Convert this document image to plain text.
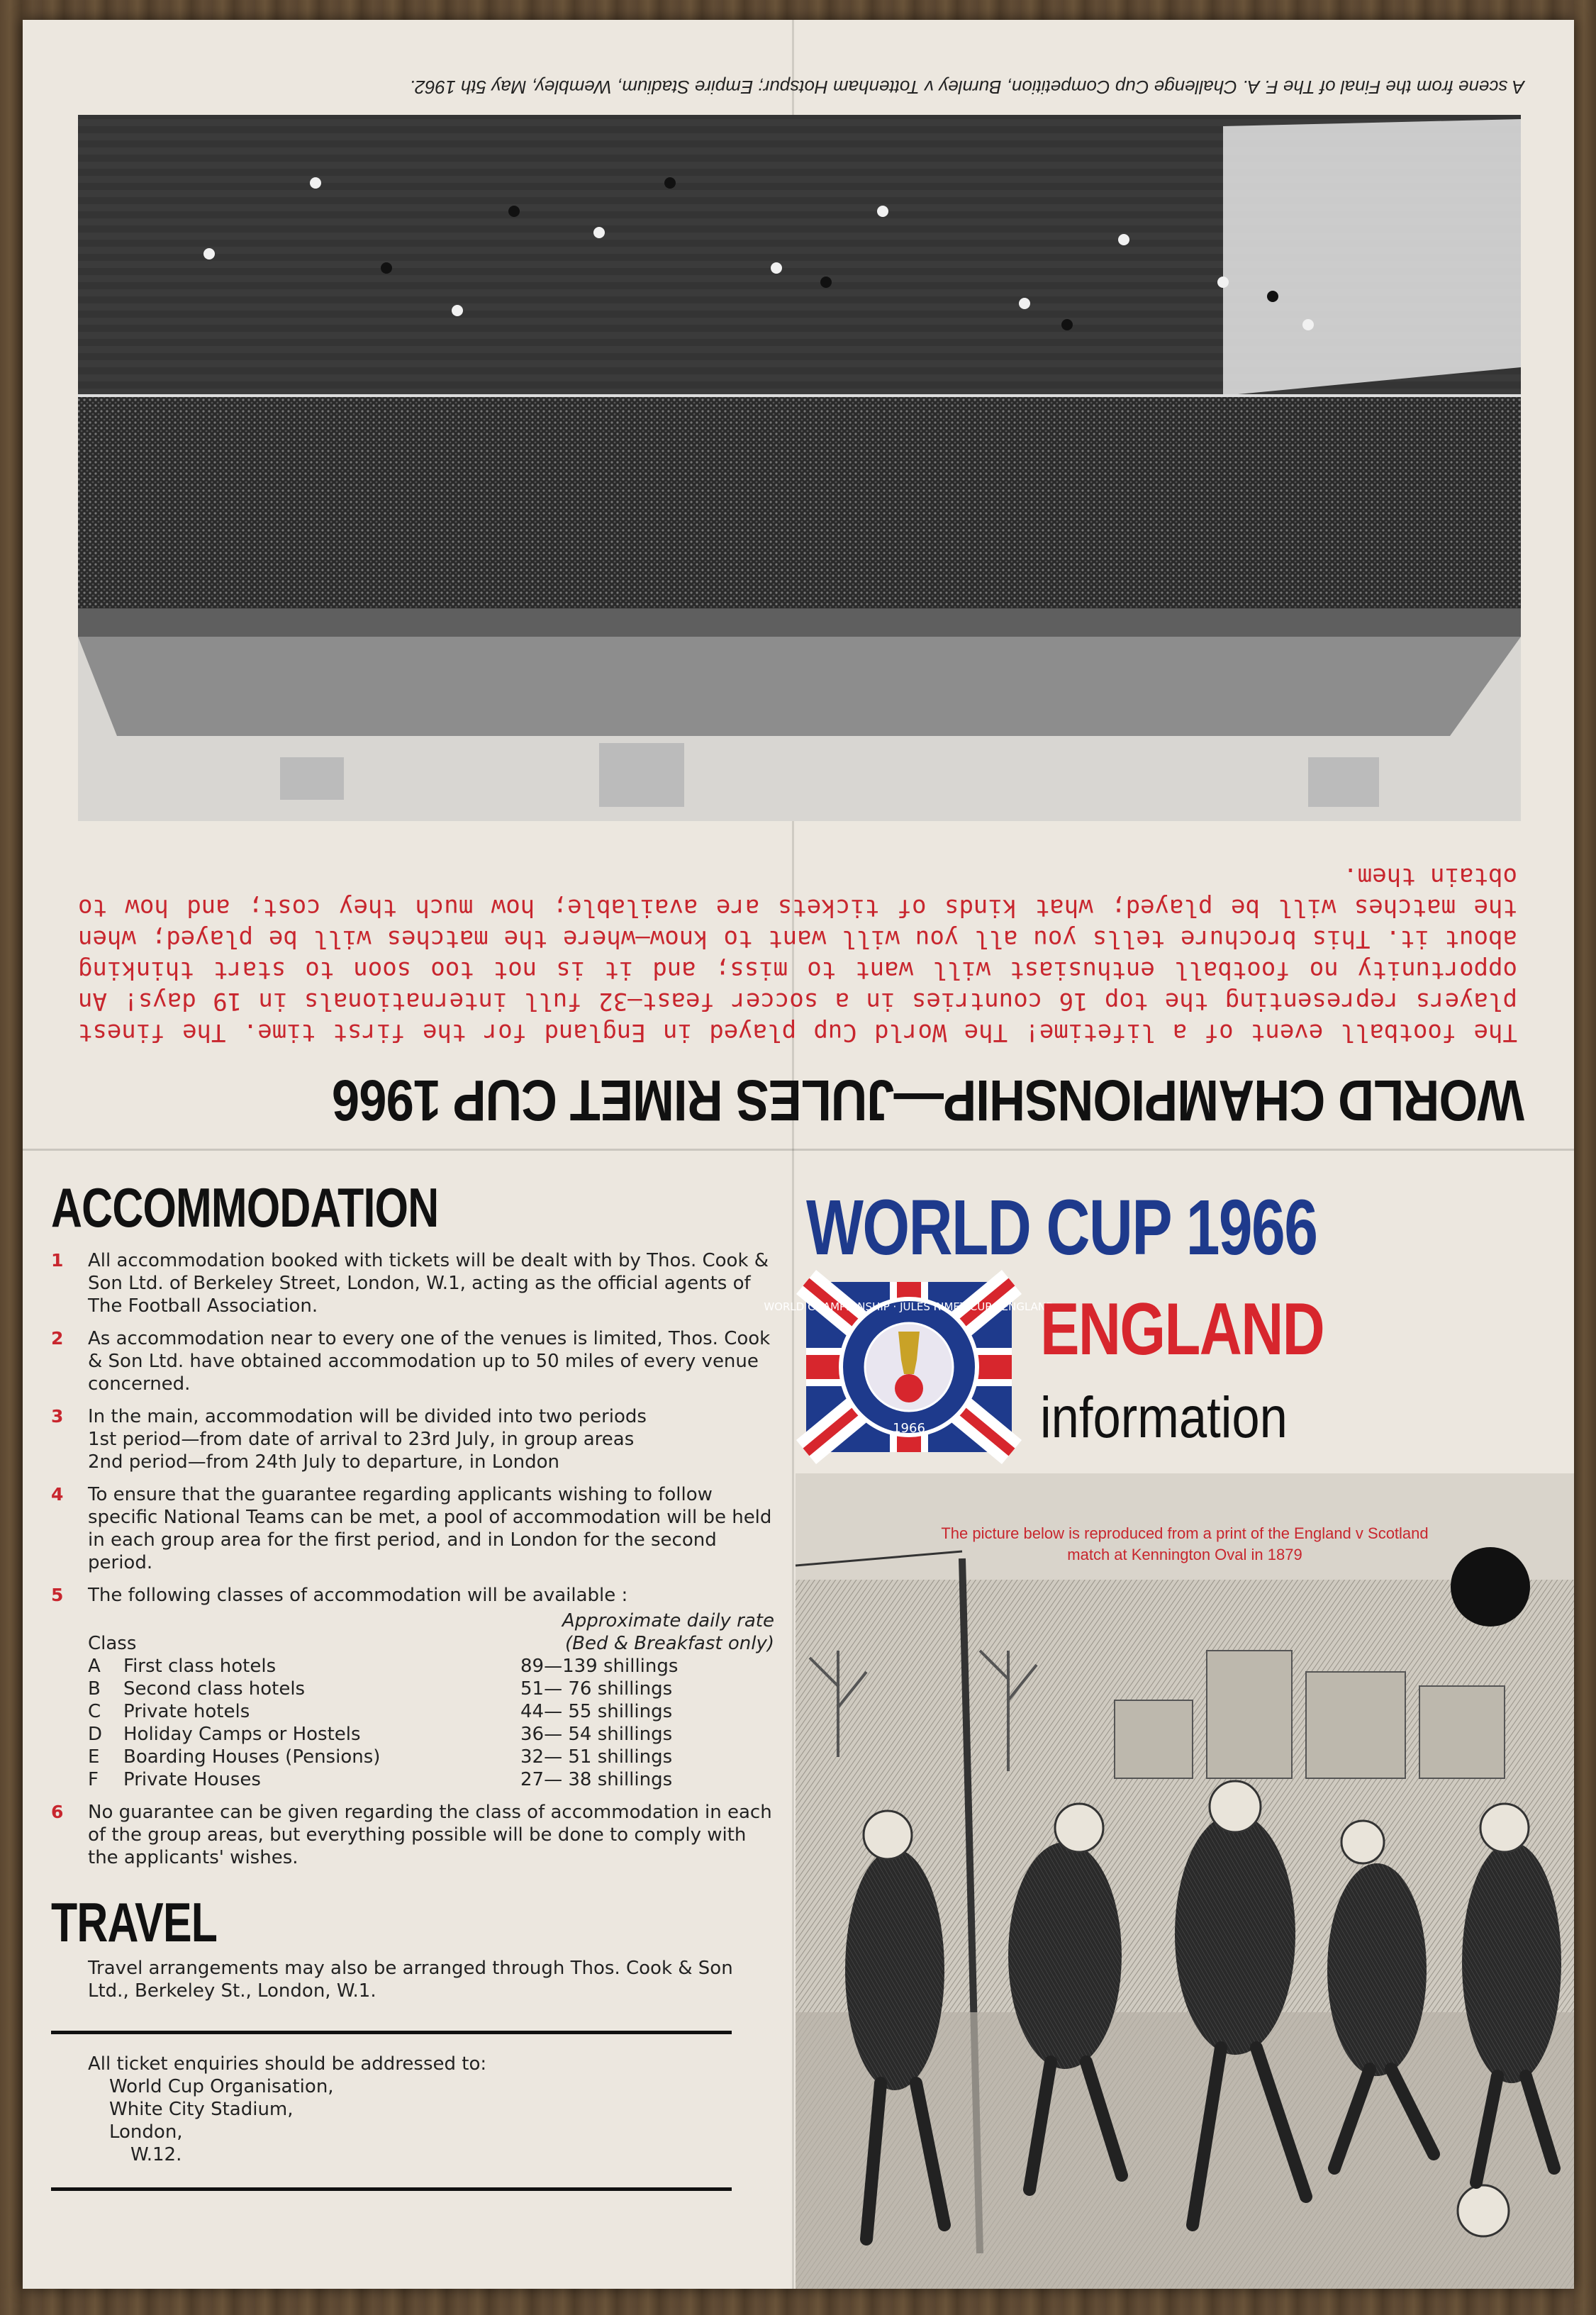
WORLD CHAMPIONSHIP—JULES RIMET CUP 1966
The football event of a lifetime! The World Cup played in England for the first time. The finest players representing the top 16 countries in a soccer feast—32 full internationals in 19 days! An opportunity no football enthusiast will want to miss; and it is not too soon to start thinking about it. This brochure tells you all you will want to know—where the matches will be played; when the matches will be played; what kinds of tickets are available; how much they cost; and how to obtain them.
A scene from the Final of The F. A. Challenge Cup Competition, Burnley v Tottenham Hotspur; Empire Stadium, Wembley, May 5th 1962.
ACCOMMODATION
1 All accommodation booked with tickets will be dealt with by Thos. Cook & Son Ltd. of Berkeley Street, London, W.1, acting as the official agents of The Football Association.
2 As accommodation near to every one of the venues is limited, Thos. Cook & Son Ltd. have obtained accommodation up to 50 miles of every venue concerned.
3 In the main, accommodation will be divided into two periods
1st period—from date of arrival to 23rd July, in group areas
2nd period—from 24th July to departure, in London
4 To ensure that the guarantee regarding applicants wishing to follow specific National Teams can be met, a pool of accommodation will be held in each group area for the first period, and in London for the second period.
5 The following classes of accommodation will be available :
Class
Approximate daily rate
(Bed & Breakfast only)
A	First class hotels	89—139 shillings
B	Second class hotels	51— 76 shillings
C	Private hotels	44— 55 shillings
D	Holiday Camps or Hostels	36— 54 shillings
E	Boarding Houses (Pensions)	32— 51 shillings
F	Private Houses	27— 38 shillings
6 No guarantee can be given regarding the class of accommodation in each of the group areas, but everything possible will be done to comply with the applicants' wishes.
TRAVEL
Travel arrangements may also be arranged through Thos. Cook & Son Ltd., Berkeley St., London, W.1.
All ticket enquiries should be addressed to:
World Cup Organisation,
White City Stadium,
London,
W.12.
WORLD CUP 1966
WORLD CHAMPIONSHIP · JULES RIMET CUP · ENGLAND
1966
ENGLAND
information
The picture below is reproduced from a print of the England v Scotland
match at Kennington Oval in 1879
